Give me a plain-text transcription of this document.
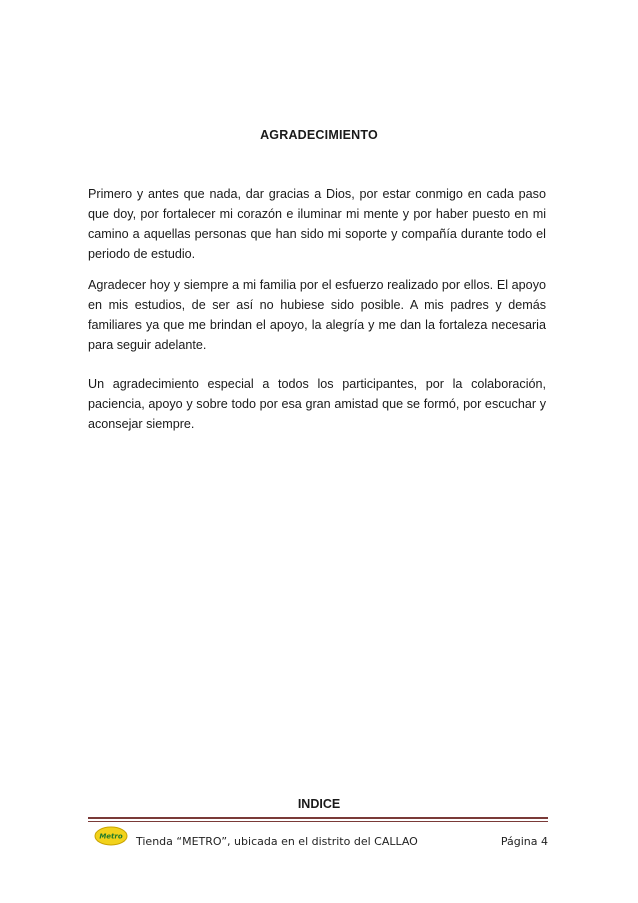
AGRADECIMIENTO
Primero y antes que nada, dar gracias a Dios, por estar conmigo en cada paso que doy, por fortalecer mi corazón e iluminar mi mente y por haber puesto en mi camino a aquellas personas que han sido mi soporte y compañía durante todo el periodo de estudio.
Agradecer hoy y siempre a mi familia por el esfuerzo realizado por ellos. El apoyo en mis estudios, de ser así no hubiese sido posible. A mis padres y demás familiares ya que me brindan el apoyo, la alegría y me dan la fortaleza necesaria para seguir adelante.
Un agradecimiento especial a todos los participantes, por la colaboración, paciencia, apoyo y sobre todo por esa gran amistad que se formó, por escuchar y aconsejar siempre.
INDICE
Metro Tienda “METRO”, ubicada en el distrito del CALLAO	Página 4
